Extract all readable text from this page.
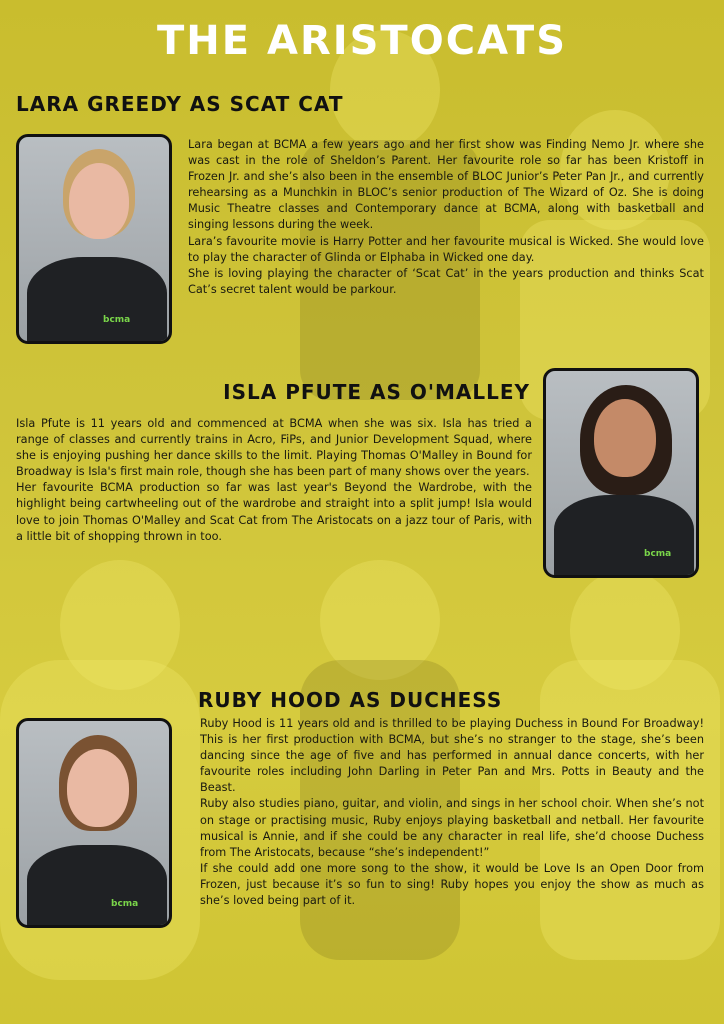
THE ARISTOCATS
LARA GREEDY AS SCAT CAT
bcma

Lara began at BCMA a few years ago and her first show was Finding Nemo Jr. where she was cast in the role of Sheldon’s Parent. Her favourite role so far has been Kristoff in Frozen Jr. and she’s also been in the ensemble of BLOC Junior’s Peter Pan Jr., and currently rehearsing as a Munchkin in BLOC’s senior production of The Wizard of Oz. She is doing Music Theatre classes and Contemporary dance at BCMA, along with basketball and singing lessons during the week.

Lara’s favourite movie is Harry Potter and her favourite musical is Wicked. She would love to play the character of Glinda or Elphaba in Wicked one day.

She is loving playing the character of ‘Scat Cat’ in the years production and thinks Scat Cat’s secret talent would be parkour.

ISLA PFUTE AS O'MALLEY
bcma

Isla Pfute is 11 years old and commenced at BCMA when she was six. Isla has tried a range of classes and currently trains in Acro, FiPs, and Junior Development Squad, where she is enjoying pushing her dance skills to the limit. Playing Thomas O'Malley in Bound for Broadway is Isla's first main role, though she has been part of many shows over the years.

Her favourite BCMA production so far was last year's Beyond the Wardrobe, with the highlight being cartwheeling out of the wardrobe and straight into a split jump! Isla would love to join Thomas O'Malley and Scat Cat from The Aristocats on a jazz tour of Paris, with a little bit of shopping thrown in too.

RUBY HOOD AS DUCHESS
bcma

Ruby Hood is 11 years old and is thrilled to be playing Duchess in Bound For Broadway! This is her first production with BCMA, but she’s no stranger to the stage, she’s been dancing since the age of five and has performed in annual dance concerts, with her favourite roles including John Darling in Peter Pan and Mrs. Potts in Beauty and the Beast.

Ruby also studies piano, guitar, and violin, and sings in her school choir. When she’s not on stage or practising music, Ruby enjoys playing basketball and netball. Her favourite musical is Annie, and if she could be any character in real life, she’d choose Duchess from The Aristocats, because “she’s independent!”

If she could add one more song to the show, it would be Love Is an Open Door from Frozen, just because it’s so fun to sing! Ruby hopes you enjoy the show as much as she’s loved being part of it.
